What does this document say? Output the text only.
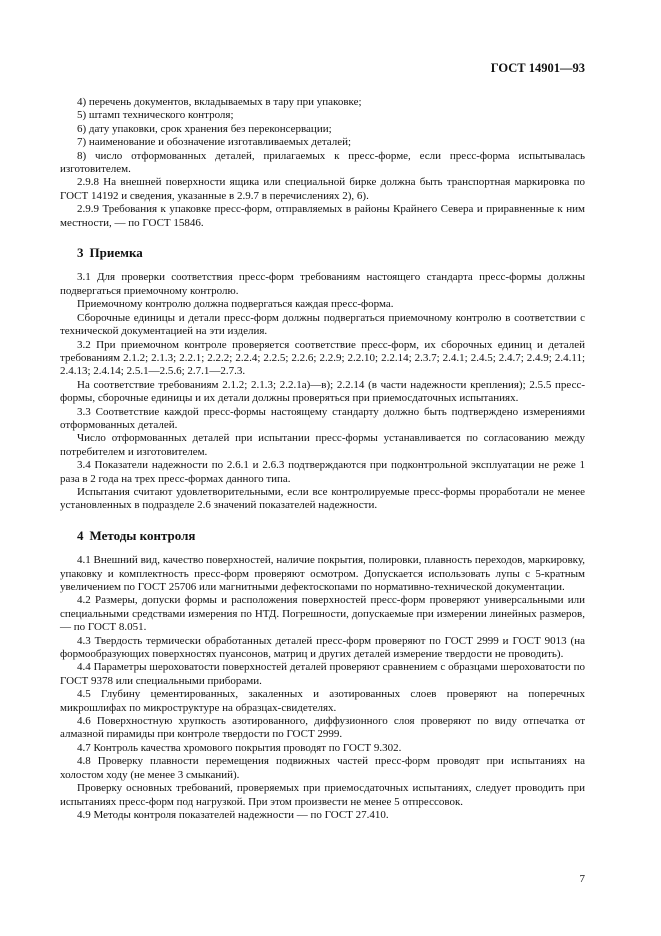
ГОСТ 14901—93

4) перечень документов, вкладываемых в тару при упаковке;

5) штамп технического контроля;

6) дату упаковки, срок хранения без переконсервации;

7) наименование и обозначение изготавливаемых деталей;

8) число отформованных деталей, прилагаемых к пресс-форме, если пресс-форма испытывалась изготовителем.

2.9.8 На внешней поверхности ящика или специальной бирке должна быть транспортная маркировка по ГОСТ 14192 и сведения, указанные в 2.9.7 в перечислениях 2), 6).

2.9.9 Требования к упаковке пресс-форм, отправляемых в районы Крайнего Севера и приравненные к ним местности, — по ГОСТ 15846.

3 Приемка

3.1 Для проверки соответствия пресс-форм требованиям настоящего стандарта пресс-формы должны подвергаться приемочному контролю.

Приемочному контролю должна подвергаться каждая пресс-форма.

Сборочные единицы и детали пресс-форм должны подвергаться приемочному контролю в соответствии с технической документацией на эти изделия.

3.2 При приемочном контроле проверяется соответствие пресс-форм, их сборочных единиц и деталей требованиям 2.1.2; 2.1.3; 2.2.1; 2.2.2; 2.2.4; 2.2.5; 2.2.6; 2.2.9; 2.2.10; 2.2.14; 2.3.7; 2.4.1; 2.4.5; 2.4.7; 2.4.9; 2.4.11; 2.4.13; 2.4.14; 2.5.1—2.5.6; 2.7.1—2.7.3.

На соответствие требованиям 2.1.2; 2.1.3; 2.2.1а)—в); 2.2.14 (в части надежности крепления); 2.5.5 пресс-формы, сборочные единицы и их детали должны проверяться при приемосдаточных испытаниях.

3.3 Соответствие каждой пресс-формы настоящему стандарту должно быть подтверждено измерениями отформованных деталей.

Число отформованных деталей при испытании пресс-формы устанавливается по согласованию между потребителем и изготовителем.

3.4 Показатели надежности по 2.6.1 и 2.6.3 подтверждаются при подконтрольной эксплуатации не реже 1 раза в 2 года на трех пресс-формах данного типа.

Испытания считают удовлетворительными, если все контролируемые пресс-формы проработали не менее установленных в подразделе 2.6 значений показателей надежности.

4 Методы контроля

4.1 Внешний вид, качество поверхностей, наличие покрытия, полировки, плавность переходов, маркировку, упаковку и комплектность пресс-форм проверяют осмотром. Допускается использовать лупы с 5-кратным увеличением по ГОСТ 25706 или магнитными дефектоскопами по нормативно-технической документации.

4.2 Размеры, допуски формы и расположения поверхностей пресс-форм проверяют универсальными или специальными средствами измерения по НТД. Погрешности, допускаемые при измерении линейных размеров, — по ГОСТ 8.051.

4.3 Твердость термически обработанных деталей пресс-форм проверяют по ГОСТ 2999 и ГОСТ 9013 (на формообразующих поверхностях пуансонов, матриц и других деталей измерение твердости не проводить).

4.4 Параметры шероховатости поверхностей деталей проверяют сравнением с образцами шероховатости по ГОСТ 9378 или специальными приборами.

4.5 Глубину цементированных, закаленных и азотированных слоев проверяют на поперечных микрошлифах по микроструктуре на образцах-свидетелях.

4.6 Поверхностную хрупкость азотированного, диффузионного слоя проверяют по виду отпечатка от алмазной пирамиды при контроле твердости по ГОСТ 2999.

4.7 Контроль качества хромового покрытия проводят по ГОСТ 9.302.

4.8 Проверку плавности перемещения подвижных частей пресс-форм проводят при испытаниях на холостом ходу (не менее 3 смыканий).

Проверку основных требований, проверяемых при приемосдаточных испытаниях, следует проводить при испытаниях пресс-форм под нагрузкой. При этом произвести не менее 5 отпрессовок.

4.9 Методы контроля показателей надежности — по ГОСТ 27.410.

7
